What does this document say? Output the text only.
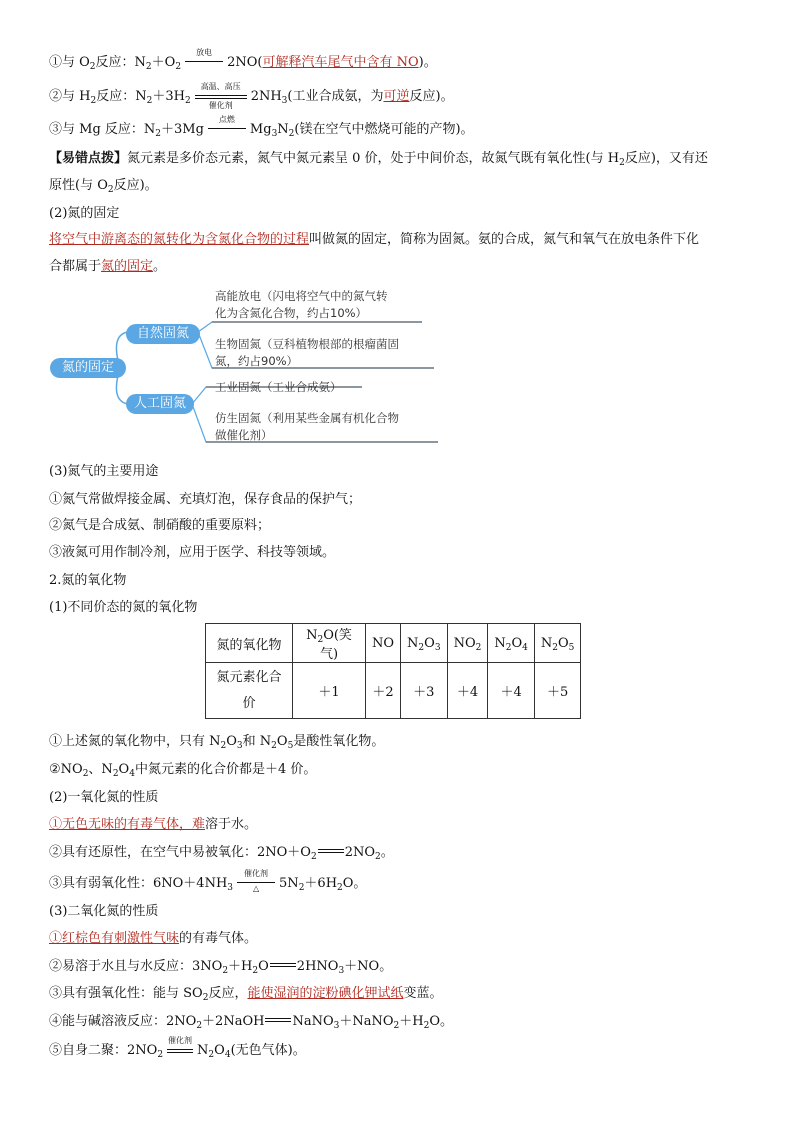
①与 $O_2$反应：$N_2+O_2$
放电
2NO(可解释汽车尾气中含有 NO)。
②与 $H_2$反应：$N_2+3H_2$
高温、高压
催化剂
$2NH_3$(工业合成氨，为可逆反应)。
③与 Mg 反应：$N_2+3Mg$
点燃
$Mg_3N_2$(镁在空气中燃烧可能的产物)。
【易错点拨】氮元素是多价态元素，氮气中氮元素呈 0 价，处于中间价态，故氮气既有氧化性(与 $H_2$反应)，又有还
原性(与 $O_2$反应)。
(2)氮的固定
将空气中游离态的氮转化为含氮化合物的过程叫做氮的固定，简称为固氮。氨的合成，氮气和氧气在放电条件下化
合都属于氮的固定。
氮的固定
自然固氮
人工固氮
高能放电（闪电将空气中的氮气转
化为含氮化合物，约占10%）
生物固氮（豆科植物根部的根瘤菌固
氮，约占90%）
工业固氮（工业合成氨）
仿生固氮（利用某些金属有机化合物
做催化剂）
(3)氮气的主要用途
①氮气常做焊接金属、充填灯泡，保存食品的保护气；
②氮气是合成氨、制硝酸的重要原料；
③液氮可用作制冷剂，应用于医学、科技等领域。
2.氮的氧化物
(1)不同价态的氮的氧化物
氮的氧化物	$N_2O$(笑气)	NO	$N_2O_3$	$NO_2$	$N_2O_4$	$N_2O_5$

氮元素化合
价	＋1	＋2	＋3	＋4	＋4	＋5
①上述氮的氧化物中，只有 $N_2O_3$和 $N_2O_5$是酸性氧化物。
$②NO_2$、$N_2O_4$中氮元素的化合价都是＋4 价。
(2)一氧化氮的性质
①无色无味的有毒气体，难溶于水。
②具有还原性，在空气中易被氧化：$2NO+O_2$ $2NO_2$。
③具有弱氧化性：$6NO+4NH_3$
催化剂
△	$5N_2+6H_2O$。
(3)二氧化氮的性质
①红棕色有刺激性气味的有毒气体。
②易溶于水且与水反应：$3NO_2+H_2O$ $2HNO_3+NO$。
③具有强氧化性：能与 $SO_2$反应，能使湿润的淀粉碘化钾试纸变蓝。
④能与碱溶液反应：$2NO_2+2NaOH$ $NaNO_3+NaNO_2+H_2O$。
⑤自身二聚：$2NO_2$
催化剂
$N_2O_4$(无色气体)。
